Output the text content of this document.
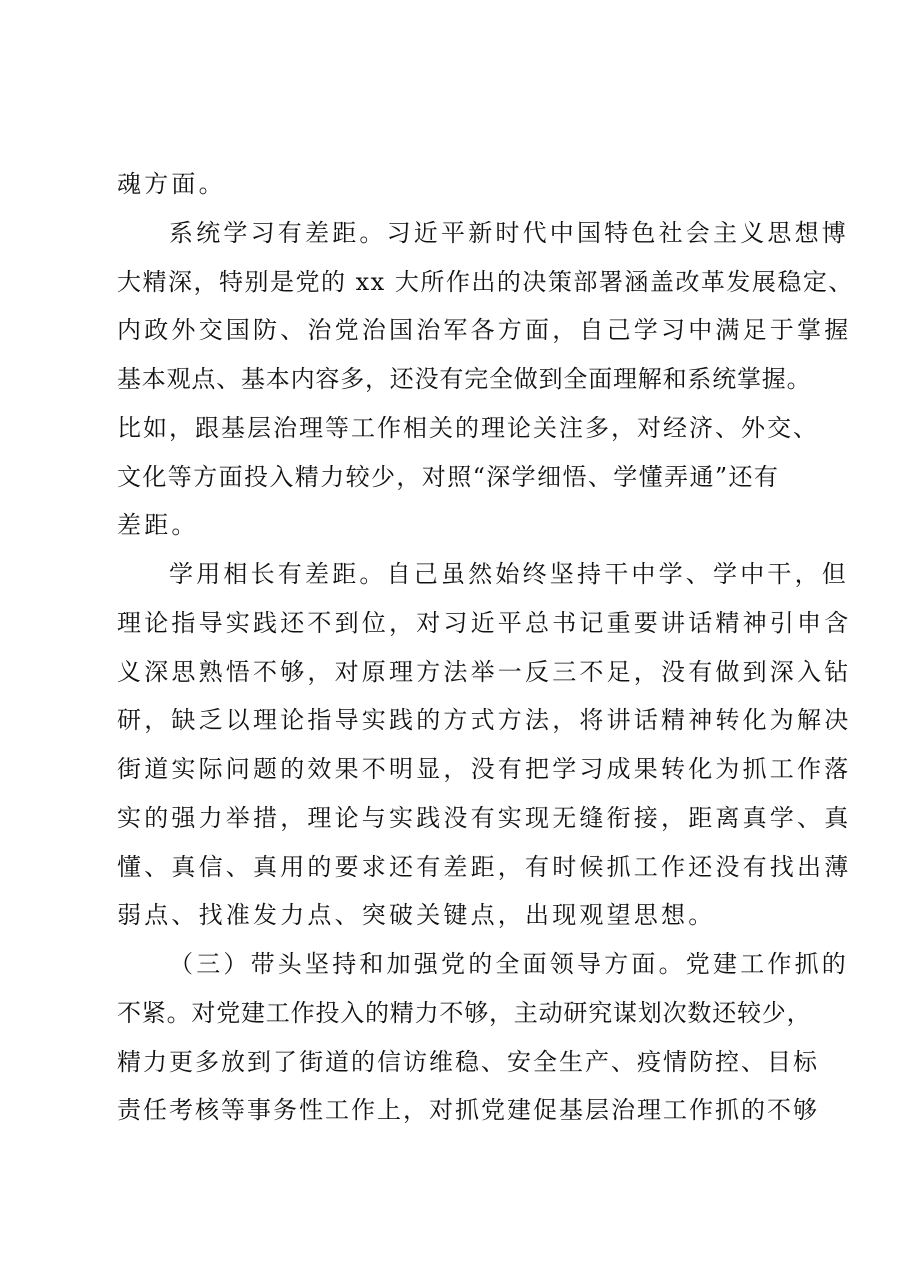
魂方面。
系统学习有差距。习近平新时代中国特色社会主义思想博
大精深，特别是党的 xx 大所作出的决策部署涵盖改革发展稳定、
内政外交国防、治党治国治军各方面，自己学习中满足于掌握
基本观点、基本内容多，还没有完全做到全面理解和系统掌握。
比如，跟基层治理等工作相关的理论关注多，对经济、外交、
文化等方面投入精力较少，对照“深学细悟、学懂弄通”还有
差距。
学用相长有差距。自己虽然始终坚持干中学、学中干，但
理论指导实践还不到位，对习近平总书记重要讲话精神引申含
义深思熟悟不够，对原理方法举一反三不足，没有做到深入钻
研，缺乏以理论指导实践的方式方法，将讲话精神转化为解决
街道实际问题的效果不明显，没有把学习成果转化为抓工作落
实的强力举措，理论与实践没有实现无缝衔接，距离真学、真
懂、真信、真用的要求还有差距，有时候抓工作还没有找出薄
弱点、找准发力点、突破关键点，出现观望思想。
（三）带头坚持和加强党的全面领导方面。党建工作抓的
不紧。对党建工作投入的精力不够，主动研究谋划次数还较少，
精力更多放到了街道的信访维稳、安全生产、疫情防控、目标
责任考核等事务性工作上，对抓党建促基层治理工作抓的不够
